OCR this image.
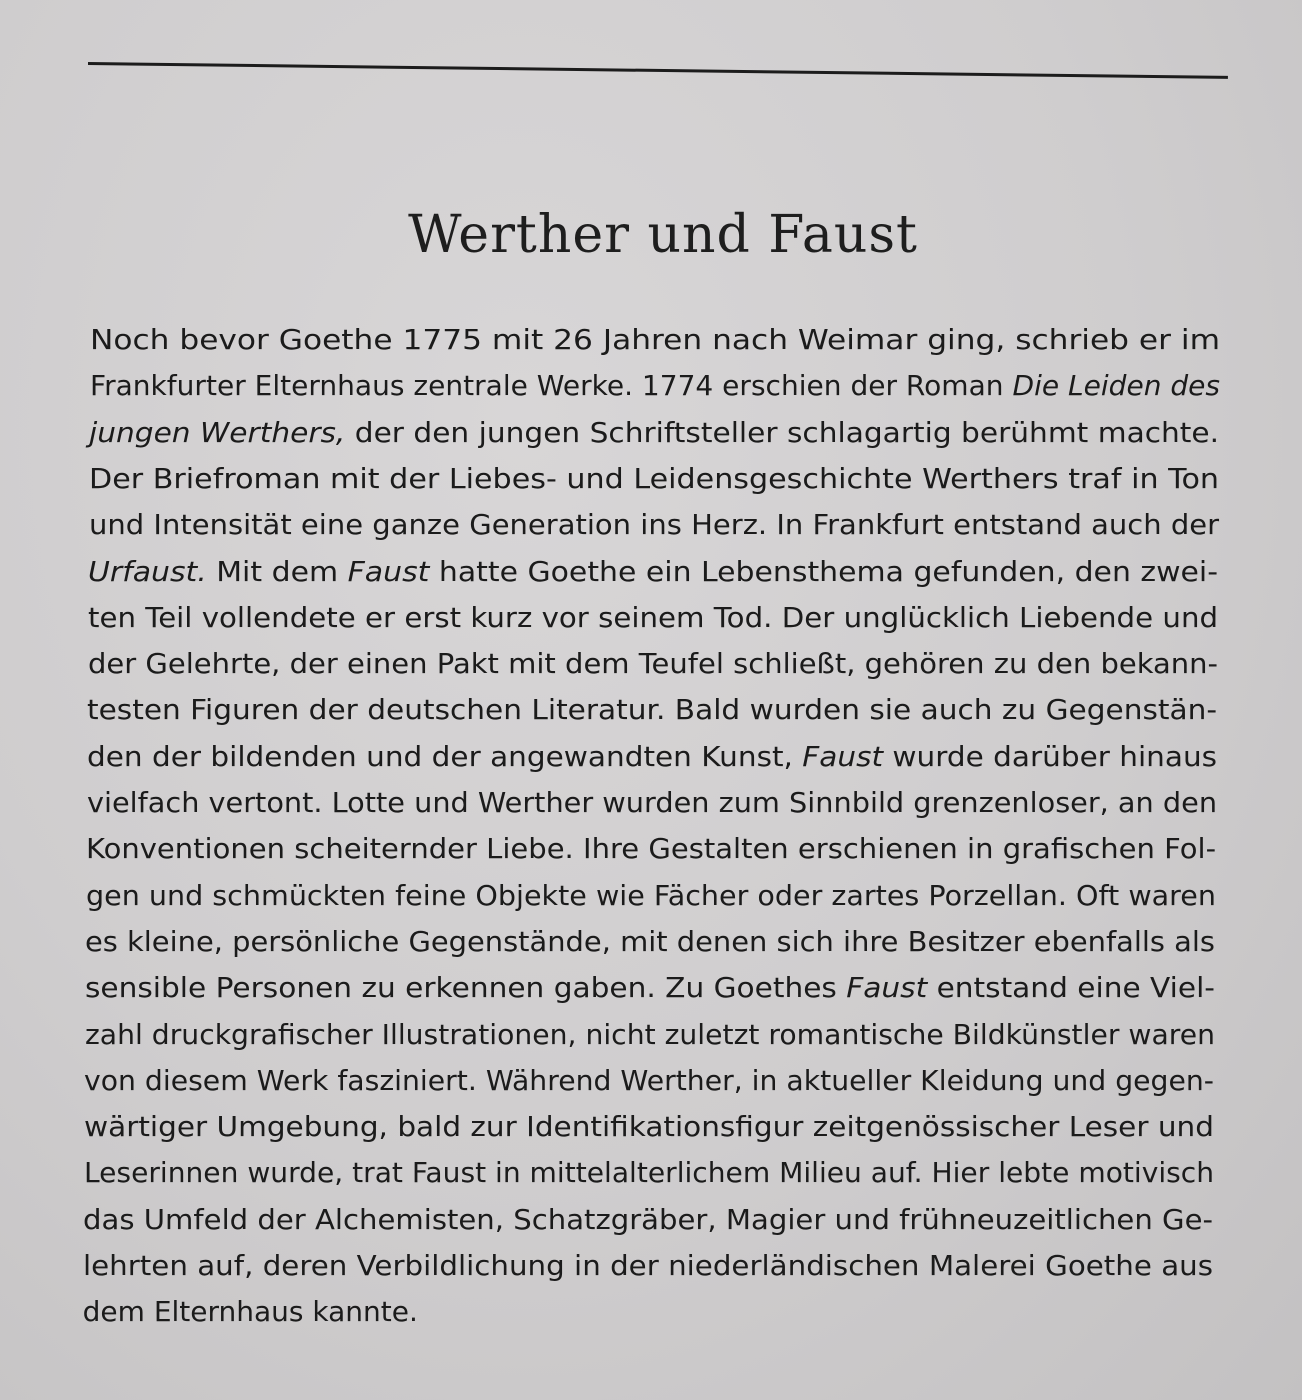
Werther und Faust
Noch bevor Goethe 1775 mit 26 Jahren nach Weimar ging, schrieb er im
Frankfurter Elternhaus zentrale Werke. 1774 erschien der Roman Die Leiden des
jungen Werthers, der den jungen Schriftsteller schlagartig berühmt machte.
Der Briefroman mit der Liebes- und Leidensgeschichte Werthers traf in Ton
und Intensität eine ganze Generation ins Herz. In Frankfurt entstand auch der
Urfaust. Mit dem Faust hatte Goethe ein Lebensthema gefunden, den zwei-
ten Teil vollendete er erst kurz vor seinem Tod. Der unglücklich Liebende und
der Gelehrte, der einen Pakt mit dem Teufel schließt, gehören zu den bekann-
testen Figuren der deutschen Literatur. Bald wurden sie auch zu Gegenstän-
den der bildenden und der angewandten Kunst, Faust wurde darüber hinaus
vielfach vertont. Lotte und Werther wurden zum Sinnbild grenzenloser, an den
Konventionen scheiternder Liebe. Ihre Gestalten erschienen in grafischen Fol-
gen und schmückten feine Objekte wie Fächer oder zartes Porzellan. Oft waren
es kleine, persönliche Gegenstände, mit denen sich ihre Besitzer ebenfalls als
sensible Personen zu erkennen gaben. Zu Goethes Faust entstand eine Viel-
zahl druckgrafischer Illustrationen, nicht zuletzt romantische Bildkünstler waren
von diesem Werk fasziniert. Während Werther, in aktueller Kleidung und gegen-
wärtiger Umgebung, bald zur Identifikationsfigur zeitgenössischer Leser und
Leserinnen wurde, trat Faust in mittelalterlichem Milieu auf. Hier lebte motivisch
das Umfeld der Alchemisten, Schatzgräber, Magier und frühneuzeitlichen Ge-
lehrten auf, deren Verbildlichung in der niederländischen Malerei Goethe aus
dem Elternhaus kannte.
